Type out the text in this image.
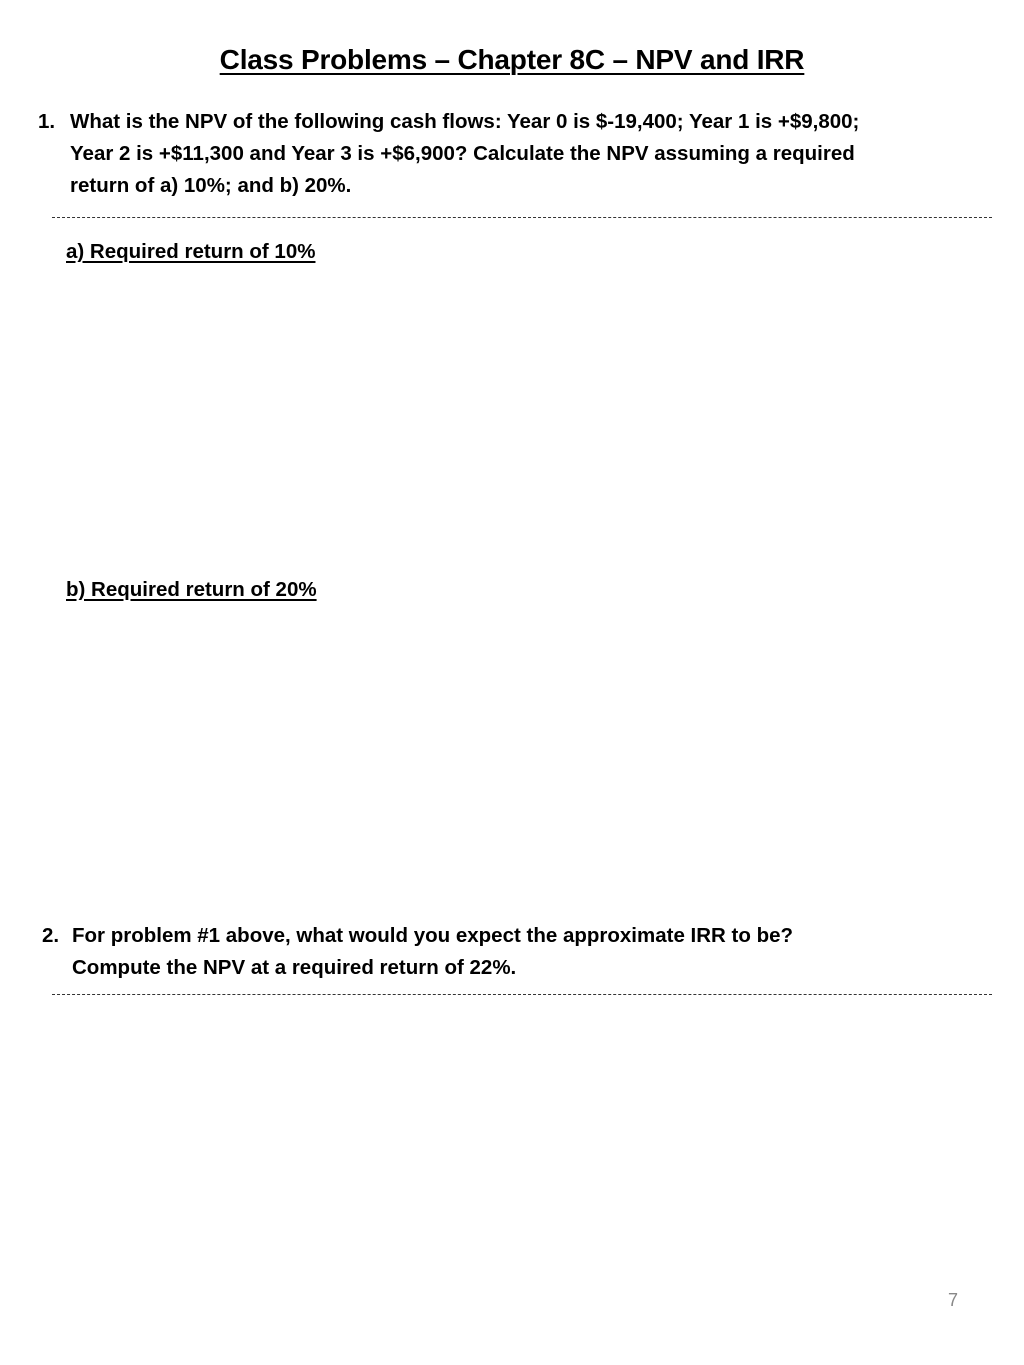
Class Problems – Chapter 8C – NPV and IRR
1. What is the NPV of the following cash flows: Year 0 is $-19,400; Year 1 is +$9,800;
Year 2 is +$11,300 and Year 3 is +$6,900? Calculate the NPV assuming a required
return of a) 10%; and b) 20%.
a) Required return of 10%
b) Required return of 20%
2. For problem #1 above, what would you expect the approximate IRR to be?
Compute the NPV at a required return of 22%.
7
